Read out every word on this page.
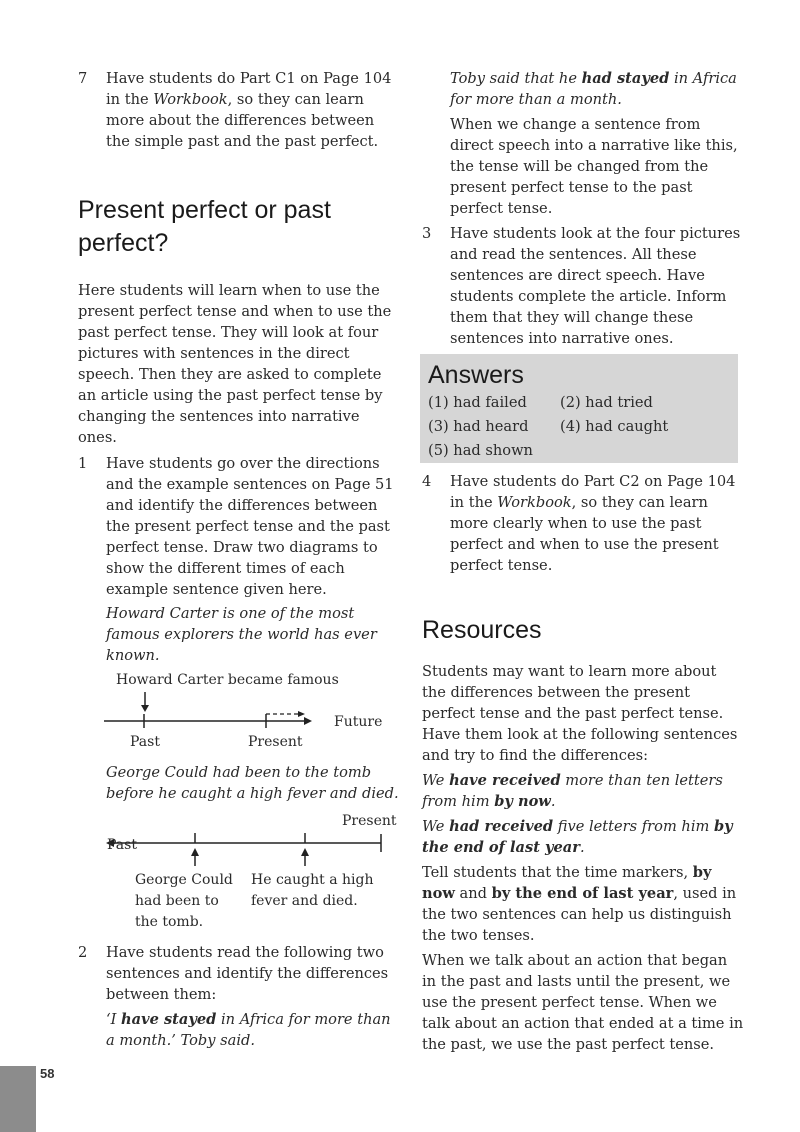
7 Have students do Part C1 on Page 104 in the Workbook, so they can learn more about the differences between the simple past and the past perfect.

Present perfect or past perfect?

Here students will learn when to use the present perfect tense and when to use the past perfect tense. They will look at four pictures with sentences in the direct speech. Then they are asked to complete an article using the past perfect tense by changing the sentences into narrative ones.

1 Have students go over the directions and the example sentences on Page 51 and identify the differences between the present perfect tense and the past perfect tense. Draw two diagrams to show the different times of each example sentence given here.

Howard Carter is one of the most famous explorers the world has ever known.

Howard Carter became famous
Future
Past	Present

George Could had been to the tomb before he caught a high fever and died.

Present
Past
George Could
had been to
the tomb.
He caught a high
fever and died.
2 Have students read the following two sentences and identify the differences between them:

‘I have stayed in Africa for more than a month.’ Toby said.

Toby said that he had stayed in Africa for more than a month.

When we change a sentence from direct speech into a narrative like this, the tense will be changed from the present perfect tense to the past perfect tense.

3 Have students look at the four pictures and read the sentences. All these sentences are direct speech. Have students complete the article. Inform them that they will change these sentences into narrative ones.

Answers
(1) had failed	(2) had tried
(3) had heard	(4) had caught
(5) had shown
4 Have students do Part C2 on Page 104 in the Workbook, so they can learn more clearly when to use the past perfect and when to use the present perfect tense.

Resources

Students may want to learn more about the differences between the present perfect tense and the past perfect tense. Have them look at the following sentences and try to find the differences:

We have received more than ten letters from him by now.

We had received five letters from him by the end of last year.

Tell students that the time markers, by now and by the end of last year, used in the two sentences can help us distinguish the two tenses.

When we talk about an action that began in the past and lasts until the present, we use the present perfect tense. When we talk about an action that ended at a time in the past, we use the past perfect tense.

58
